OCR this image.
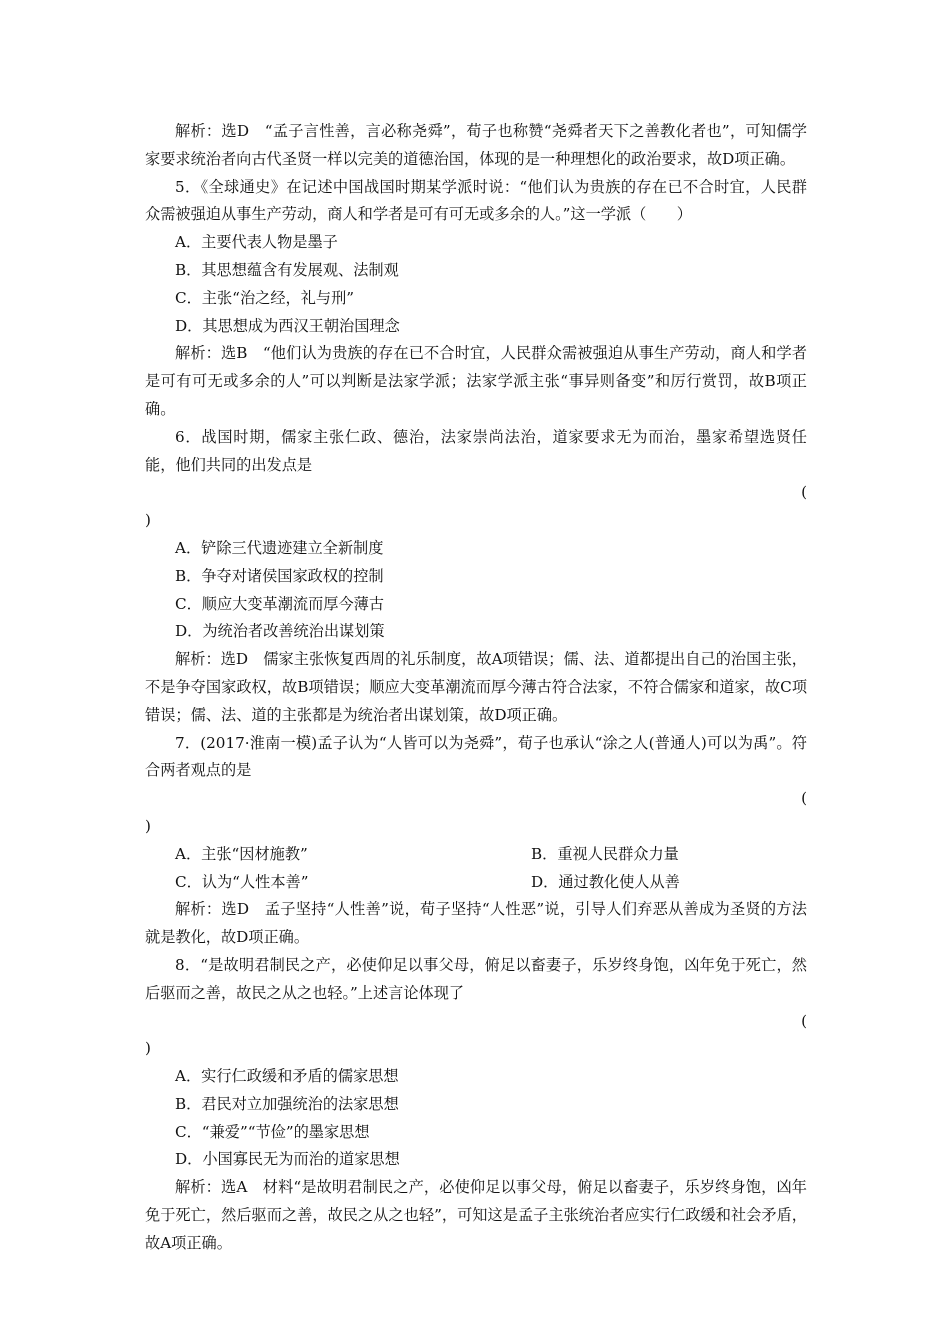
解析：选D　“孟子言性善，言必称尧舜”，荀子也称赞“尧舜者天下之善教化者也”，可知儒学家要求统治者向古代圣贤一样以完美的道德治国，体现的是一种理想化的政治要求，故D项正确。

5．《全球通史》在记述中国战国时期某学派时说：“他们认为贵族的存在已不合时宜，人民群众需被强迫从事生产劳动，商人和学者是可有可无或多余的人。”这一学派（　　）

A．主要代表人物是墨子

B．其思想蕴含有发展观、法制观

C．主张“治之经，礼与刑”

D．其思想成为西汉王朝治国理念

解析：选B　“他们认为贵族的存在已不合时宜，人民群众需被强迫从事生产劳动，商人和学者是可有可无或多余的人”可以判断是法家学派；法家学派主张“事异则备变”和厉行赏罚，故B项正确。

6．战国时期，儒家主张仁政、德治，法家崇尚法治，道家要求无为而治，墨家希望选贤任能，他们共同的出发点是
(
)

A．铲除三代遗迹建立全新制度

B．争夺对诸侯国家政权的控制

C．顺应大变革潮流而厚今薄古

D．为统治者改善统治出谋划策

解析：选D　儒家主张恢复西周的礼乐制度，故A项错误；儒、法、道都提出自己的治国主张，不是争夺国家政权，故B项错误；顺应大变革潮流而厚今薄古符合法家，不符合儒家和道家，故C项错误；儒、法、道的主张都是为统治者出谋划策，故D项正确。

7．(2017·淮南一模)孟子认为“人皆可以为尧舜”，荀子也承认“涂之人(普通人)可以为禹”。符合两者观点的是
(
)
A．主张“因材施教”	B．重视人民群众力量
C．认为“人性本善”	D．通过教化使人从善

解析：选D　孟子坚持“人性善”说，荀子坚持“人性恶”说，引导人们弃恶从善成为圣贤的方法就是教化，故D项正确。

8．“是故明君制民之产，必使仰足以事父母，俯足以畜妻子，乐岁终身饱，凶年免于死亡，然后驱而之善，故民之从之也轻。”上述言论体现了
(
)

A．实行仁政缓和矛盾的儒家思想

B．君民对立加强统治的法家思想

C．“兼爱”“节俭”的墨家思想

D．小国寡民无为而治的道家思想

解析：选A　材料“是故明君制民之产，必使仰足以事父母，俯足以畜妻子，乐岁终身饱，凶年免于死亡，然后驱而之善，故民之从之也轻”，可知这是孟子主张统治者应实行仁政缓和社会矛盾，故A项正确。
